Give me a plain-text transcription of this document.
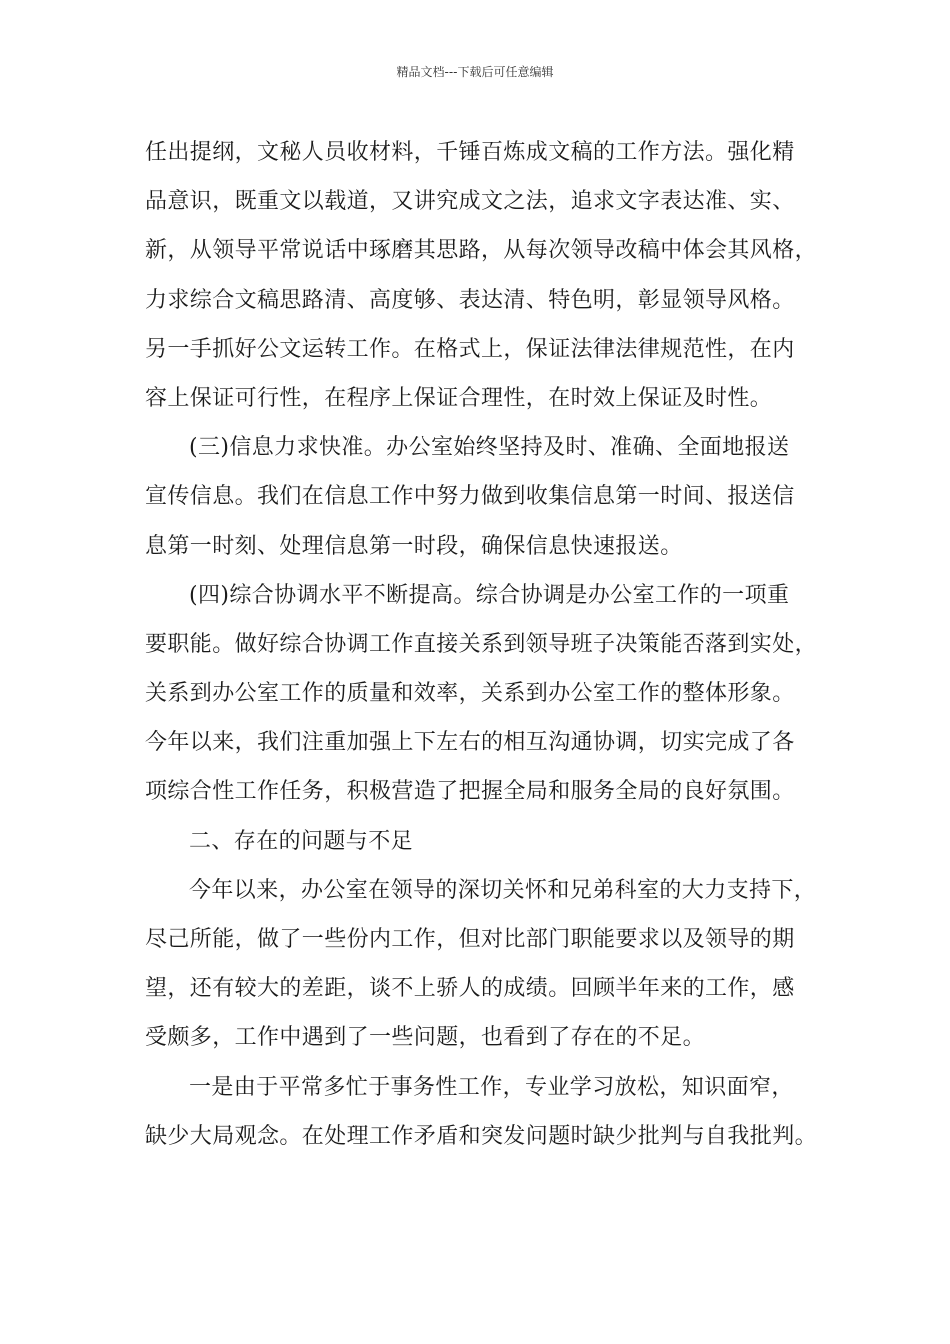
精品文档---下载后可任意编辑
任出提纲，文秘人员收材料，千锤百炼成文稿的工作方法。强化精
品意识，既重文以载道，又讲究成文之法，追求文字表达准、实、
新，从领导平常说话中琢磨其思路，从每次领导改稿中体会其风格，
力求综合文稿思路清、高度够、表达清、特色明，彰显领导风格。
另一手抓好公文运转工作。在格式上，保证法律法律规范性，在内
容上保证可行性，在程序上保证合理性，在时效上保证及时性。
(三)信息力求快准。办公室始终坚持及时、准确、全面地报送
宣传信息。我们在信息工作中努力做到收集信息第一时间、报送信
息第一时刻、处理信息第一时段，确保信息快速报送。
(四)综合协调水平不断提高。综合协调是办公室工作的一项重
要职能。做好综合协调工作直接关系到领导班子决策能否落到实处，
关系到办公室工作的质量和效率，关系到办公室工作的整体形象。
今年以来，我们注重加强上下左右的相互沟通协调，切实完成了各
项综合性工作任务，积极营造了把握全局和服务全局的良好氛围。
二、存在的问题与不足
今年以来，办公室在领导的深切关怀和兄弟科室的大力支持下，
尽己所能，做了一些份内工作，但对比部门职能要求以及领导的期
望，还有较大的差距，谈不上骄人的成绩。回顾半年来的工作，感
受颇多，工作中遇到了一些问题，也看到了存在的不足。
一是由于平常多忙于事务性工作，专业学习放松，知识面窄，
缺少大局观念。在处理工作矛盾和突发问题时缺少批判与自我批判。
